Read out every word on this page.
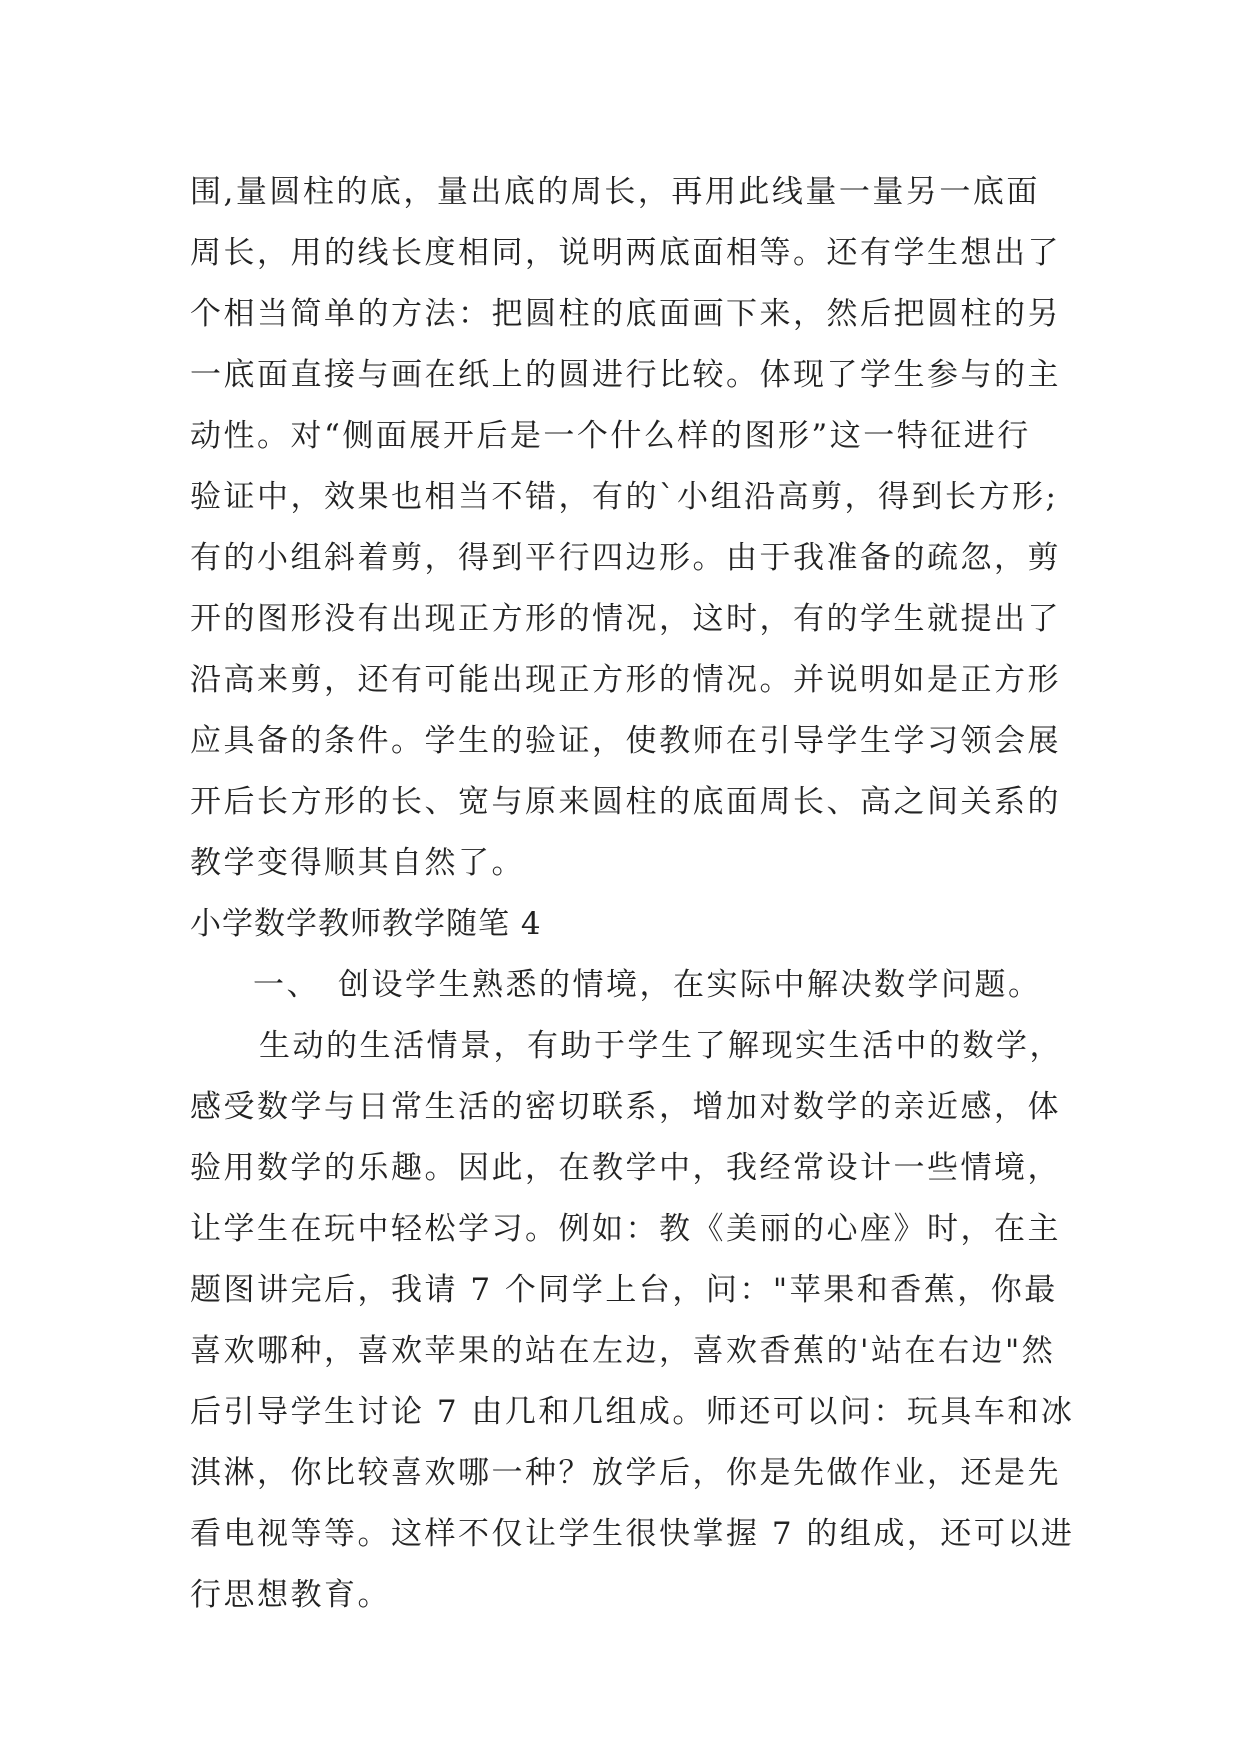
围,量圆柱的底，量出底的周长，再用此线量一量另一底面
周长，用的线长度相同，说明两底面相等。还有学生想出了
个相当简单的方法：把圆柱的底面画下来，然后把圆柱的另
一底面直接与画在纸上的圆进行比较。体现了学生参与的主
动性。对“侧面展开后是一个什么样的图形”这一特征进行
验证中，效果也相当不错，有的`小组沿高剪，得到长方形;
有的小组斜着剪，得到平行四边形。由于我准备的疏忽，剪
开的图形没有出现正方形的情况，这时，有的学生就提出了
沿高来剪，还有可能出现正方形的情况。并说明如是正方形
应具备的条件。学生的验证，使教师在引导学生学习领会展
开后长方形的长、宽与原来圆柱的底面周长、高之间关系的
教学变得顺其自然了。
小学数学教师教学随笔 4
一、　创设学生熟悉的情境，在实际中解决数学问题。
生动的生活情景，有助于学生了解现实生活中的数学，
感受数学与日常生活的密切联系，增加对数学的亲近感，体
验用数学的乐趣。因此，在教学中，我经常设计一些情境，
让学生在玩中轻松学习。例如：教《美丽的心座》时，在主
题图讲完后，我请 7 个同学上台，问："苹果和香蕉，你最
喜欢哪种，喜欢苹果的站在左边，喜欢香蕉的'站在右边"然
后引导学生讨论 7 由几和几组成。师还可以问：玩具车和冰
淇淋，你比较喜欢哪一种？放学后，你是先做作业，还是先
看电视等等。这样不仅让学生很快掌握 7 的组成，还可以进
行思想教育。
